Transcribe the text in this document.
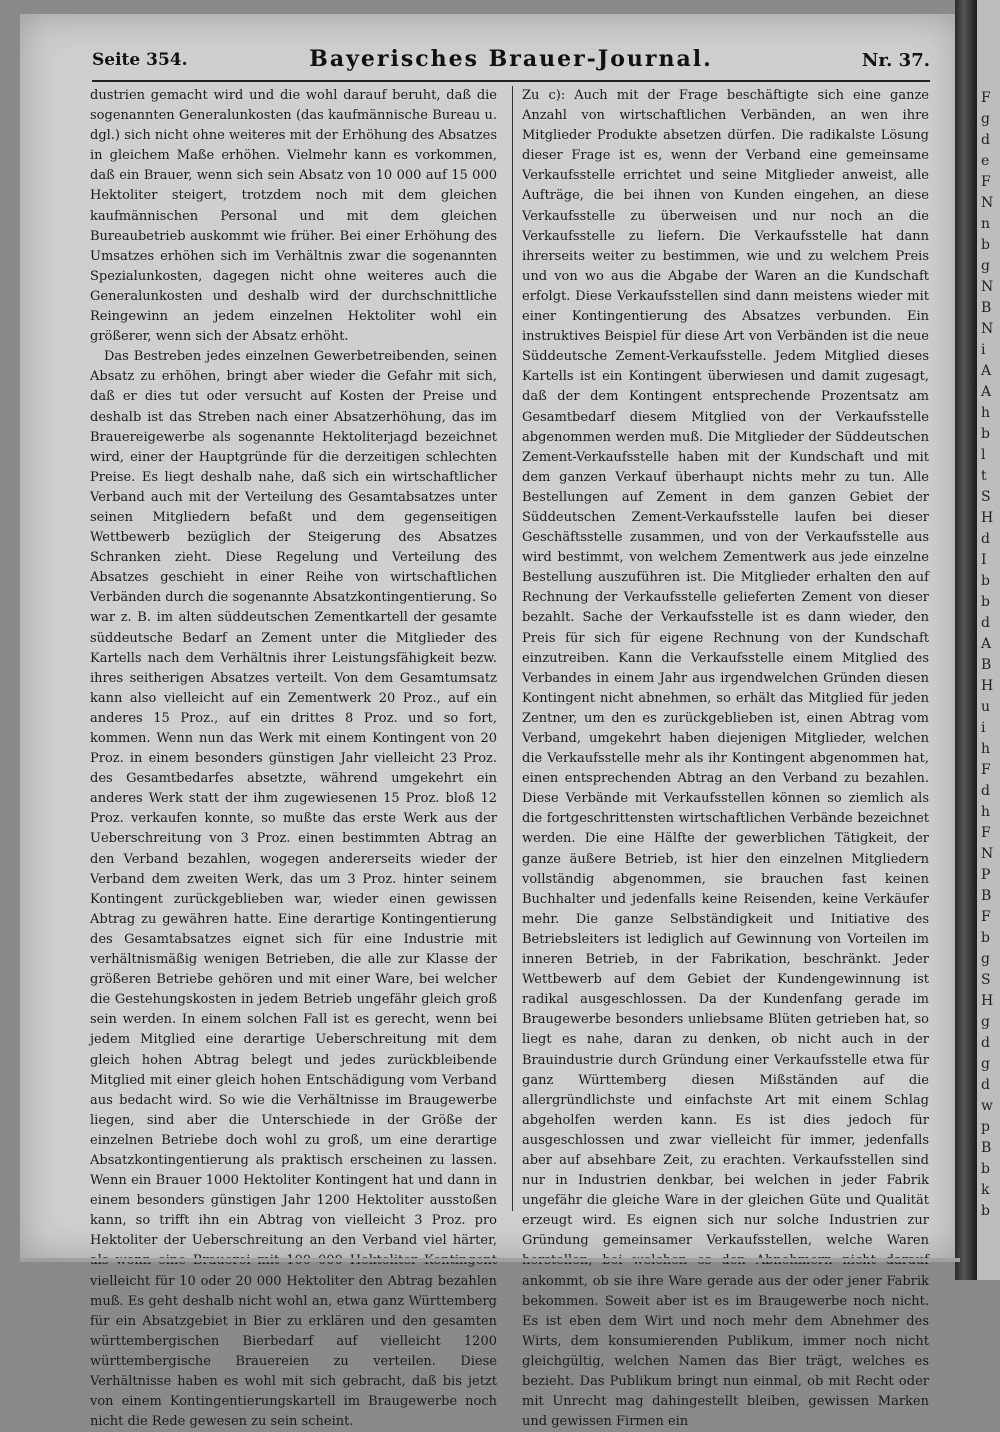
F
g
d
e
F
N
n
b
g
N
B
N
i
A
A
h
b
l
t
S
H
d
I
b
b
d
A
B
H
u
i
h
F
d
h
F
N
P
B
F
b
g
S
H
g
d
g
d
w
p
B
b
k
b
Seite 354.	Bayerisches Brauer-Journal.	Nr. 37.

dustrien gemacht wird und die wohl darauf beruht, daß die sogenannten Generalunkosten (das kaufmännische Bureau u. dgl.) sich nicht ohne weiteres mit der Erhöhung des Absatzes in gleichem Maße erhöhen. Vielmehr kann es vorkommen, daß ein Brauer, wenn sich sein Absatz von 10 000 auf 15 000 Hektoliter steigert, trotzdem noch mit dem gleichen kaufmännischen Personal und mit dem gleichen Bureaubetrieb auskommt wie früher. Bei einer Erhöhung des Umsatzes erhöhen sich im Verhältnis zwar die sogenannten Spezialunkosten, dagegen nicht ohne weiteres auch die Generalunkosten und deshalb wird der durchschnittliche Reingewinn an jedem einzelnen Hektoliter wohl ein größerer, wenn sich der Absatz erhöht.

Das Bestreben jedes einzelnen Gewerbetreibenden, seinen Absatz zu erhöhen, bringt aber wieder die Gefahr mit sich, daß er dies tut oder versucht auf Kosten der Preise und deshalb ist das Streben nach einer Absatzerhöhung, das im Brauereigewerbe als sogenannte Hektoliterjagd bezeichnet wird, einer der Hauptgründe für die derzeitigen schlechten Preise. Es liegt deshalb nahe, daß sich ein wirtschaftlicher Verband auch mit der Verteilung des Gesamtabsatzes unter seinen Mitgliedern befaßt und dem gegenseitigen Wettbewerb bezüglich der Steigerung des Absatzes Schranken zieht. Diese Regelung und Verteilung des Absatzes geschieht in einer Reihe von wirtschaftlichen Verbänden durch die sogenannte Absatzkontingentierung. So war z. B. im alten süddeutschen Zementkartell der gesamte süddeutsche Bedarf an Zement unter die Mitglieder des Kartells nach dem Verhältnis ihrer Leistungsfähigkeit bezw. ihres seitherigen Absatzes verteilt. Von dem Gesamtumsatz kann also vielleicht auf ein Zementwerk 20 Proz., auf ein anderes 15 Proz., auf ein drittes 8 Proz. und so fort, kommen. Wenn nun das Werk mit einem Kontingent von 20 Proz. in einem besonders günstigen Jahr vielleicht 23 Proz. des Gesamtbedarfes absetzte, während umgekehrt ein anderes Werk statt der ihm zugewiesenen 15 Proz. bloß 12 Proz. verkaufen konnte, so mußte das erste Werk aus der Ueberschreitung von 3 Proz. einen bestimmten Abtrag an den Verband bezahlen, wogegen andererseits wieder der Verband dem zweiten Werk, das um 3 Proz. hinter seinem Kontingent zurückgeblieben war, wieder einen gewissen Abtrag zu gewähren hatte. Eine derartige Kontingentierung des Gesamtabsatzes eignet sich für eine Industrie mit verhältnismäßig wenigen Betrieben, die alle zur Klasse der größeren Betriebe gehören und mit einer Ware, bei welcher die Gestehungskosten in jedem Betrieb ungefähr gleich groß sein werden. In einem solchen Fall ist es gerecht, wenn bei jedem Mitglied eine derartige Ueberschreitung mit dem gleich hohen Abtrag belegt und jedes zurückbleibende Mitglied mit einer gleich hohen Entschädigung vom Verband aus bedacht wird. So wie die Verhältnisse im Braugewerbe liegen, sind aber die Unterschiede in der Größe der einzelnen Betriebe doch wohl zu groß, um eine derartige Absatzkontingentierung als praktisch erscheinen zu lassen. Wenn ein Brauer 1000 Hektoliter Kontingent hat und dann in einem besonders günstigen Jahr 1200 Hektoliter ausstoßen kann, so trifft ihn ein Abtrag von vielleicht 3 Proz. pro Hektoliter der Ueberschreitung an den Verband viel härter, vielleicht für 10 oder 20 000 Hektoliter den Abtrag bezahlen muß. Es geht deshalb nicht wohl an, etwa ganz Württemberg für ein Absatzgebiet in Bier zu erklären und den gesamten württembergischen Bierbedarf auf vielleicht 1200 württembergische Brauereien zu verteilen. Diese Verhältnisse haben es wohl mit sich gebracht, daß bis jetzt von einem Kontingentierungskartell im Braugewerbe noch nicht die Rede gewesen zu sein scheint.

Zu c): Auch mit der Frage beschäftigte sich eine ganze Anzahl von wirtschaftlichen Verbänden, an wen ihre Mitglieder Produkte absetzen dürfen. Die radikalste Lösung dieser Frage ist es, wenn der Verband eine gemeinsame Verkaufsstelle errichtet und seine Mitglieder anweist, alle Aufträge, die bei ihnen von Kunden eingehen, an diese Verkaufsstelle zu überweisen und nur noch an die Verkaufsstelle zu liefern. Die Verkaufsstelle hat dann ihrerseits weiter zu bestimmen, wie und zu welchem Preis und von wo aus die Abgabe der Waren an die Kundschaft erfolgt. Diese Verkaufsstellen sind dann meistens wieder mit einer Kontingentierung des Absatzes verbunden. Ein instruktives Beispiel für diese Art von Verbänden ist die neue Süddeutsche Zement-Verkaufsstelle. Jedem Mitglied dieses Kartells ist ein Kontingent überwiesen und damit zugesagt, daß der dem Kontingent entsprechende Prozentsatz am Gesamtbedarf diesem Mitglied von der Verkaufsstelle abgenommen werden muß. Die Mitglieder der Süddeutschen Zement-Verkaufsstelle haben mit der Kundschaft und mit dem ganzen Verkauf überhaupt nichts mehr zu tun. Alle Bestellungen auf Zement in dem ganzen Gebiet der Süddeutschen Zement-Verkaufsstelle laufen bei dieser Geschäftsstelle zusammen, und von der Verkaufsstelle aus wird bestimmt, von welchem Zementwerk aus jede einzelne Bestellung auszuführen ist. Die Mitglieder erhalten den auf Rechnung der Verkaufsstelle gelieferten Zement von dieser bezahlt. Sache der Verkaufsstelle ist es dann wieder, den Preis für sich für eigene Rechnung von der Kundschaft einzutreiben. Kann die Verkaufsstelle einem Mitglied des Verbandes in einem Jahr aus irgendwelchen Gründen diesen Kontingent nicht abnehmen, so erhält das Mitglied für jeden Zentner, um den es zurückgeblieben ist, einen Abtrag vom Verband, umgekehrt haben diejenigen Mitglieder, welchen die Verkaufsstelle mehr als ihr Kontingent abgenommen hat, einen entsprechenden Abtrag an den Verband zu bezahlen. Diese Verbände mit Verkaufsstellen können so ziemlich als die fortgeschrittensten wirtschaftlichen Verbände bezeichnet werden. Die eine Hälfte der gewerblichen Tätigkeit, der ganze äußere Betrieb, ist hier den einzelnen Mitgliedern vollständig abgenommen, sie brauchen fast keinen Buchhalter und jedenfalls keine Reisenden, keine Verkäufer mehr. Die ganze Selbständigkeit und Initiative des Betriebsleiters ist lediglich auf Gewinnung von Vorteilen im inneren Betrieb, in der Fabrikation, beschränkt. Jeder Wettbewerb auf dem Gebiet der Kundengewinnung ist radikal ausgeschlossen. Da der Kundenfang gerade im Braugewerbe besonders unliebsame Blüten getrieben hat, so liegt es nahe, daran zu denken, ob nicht auch in der Brauindustrie durch Gründung einer Verkaufsstelle etwa für ganz Württemberg diesen Mißständen auf die allergründlichste und einfachste Art mit einem Schlag abgeholfen werden kann. Es ist dies jedoch für ausgeschlossen und zwar vielleicht für immer, jedenfalls aber auf absehbare Zeit, zu erachten. Verkaufsstellen sind nur in Industrien denkbar, bei welchen in jeder Fabrik ungefähr die gleiche Ware in der gleichen Güte und Qualität erzeugt wird. Es eignen sich nur solche Industrien zur Gründung gemeinsamer Verkaufsstellen, welche Waren ankommt, ob sie ihre Ware gerade aus der oder jener Fabrik bekommen. Soweit aber ist es im Braugewerbe noch nicht. Es ist eben dem Wirt und noch mehr dem Abnehmer des Wirts, dem konsumierenden Publikum, immer noch nicht gleichgültig, welchen Namen das Bier trägt, welches es bezieht. Das Publikum bringt nun einmal, ob mit Recht oder mit Unrecht mag dahingestellt bleiben, gewissen Marken und gewissen Firmen ein
